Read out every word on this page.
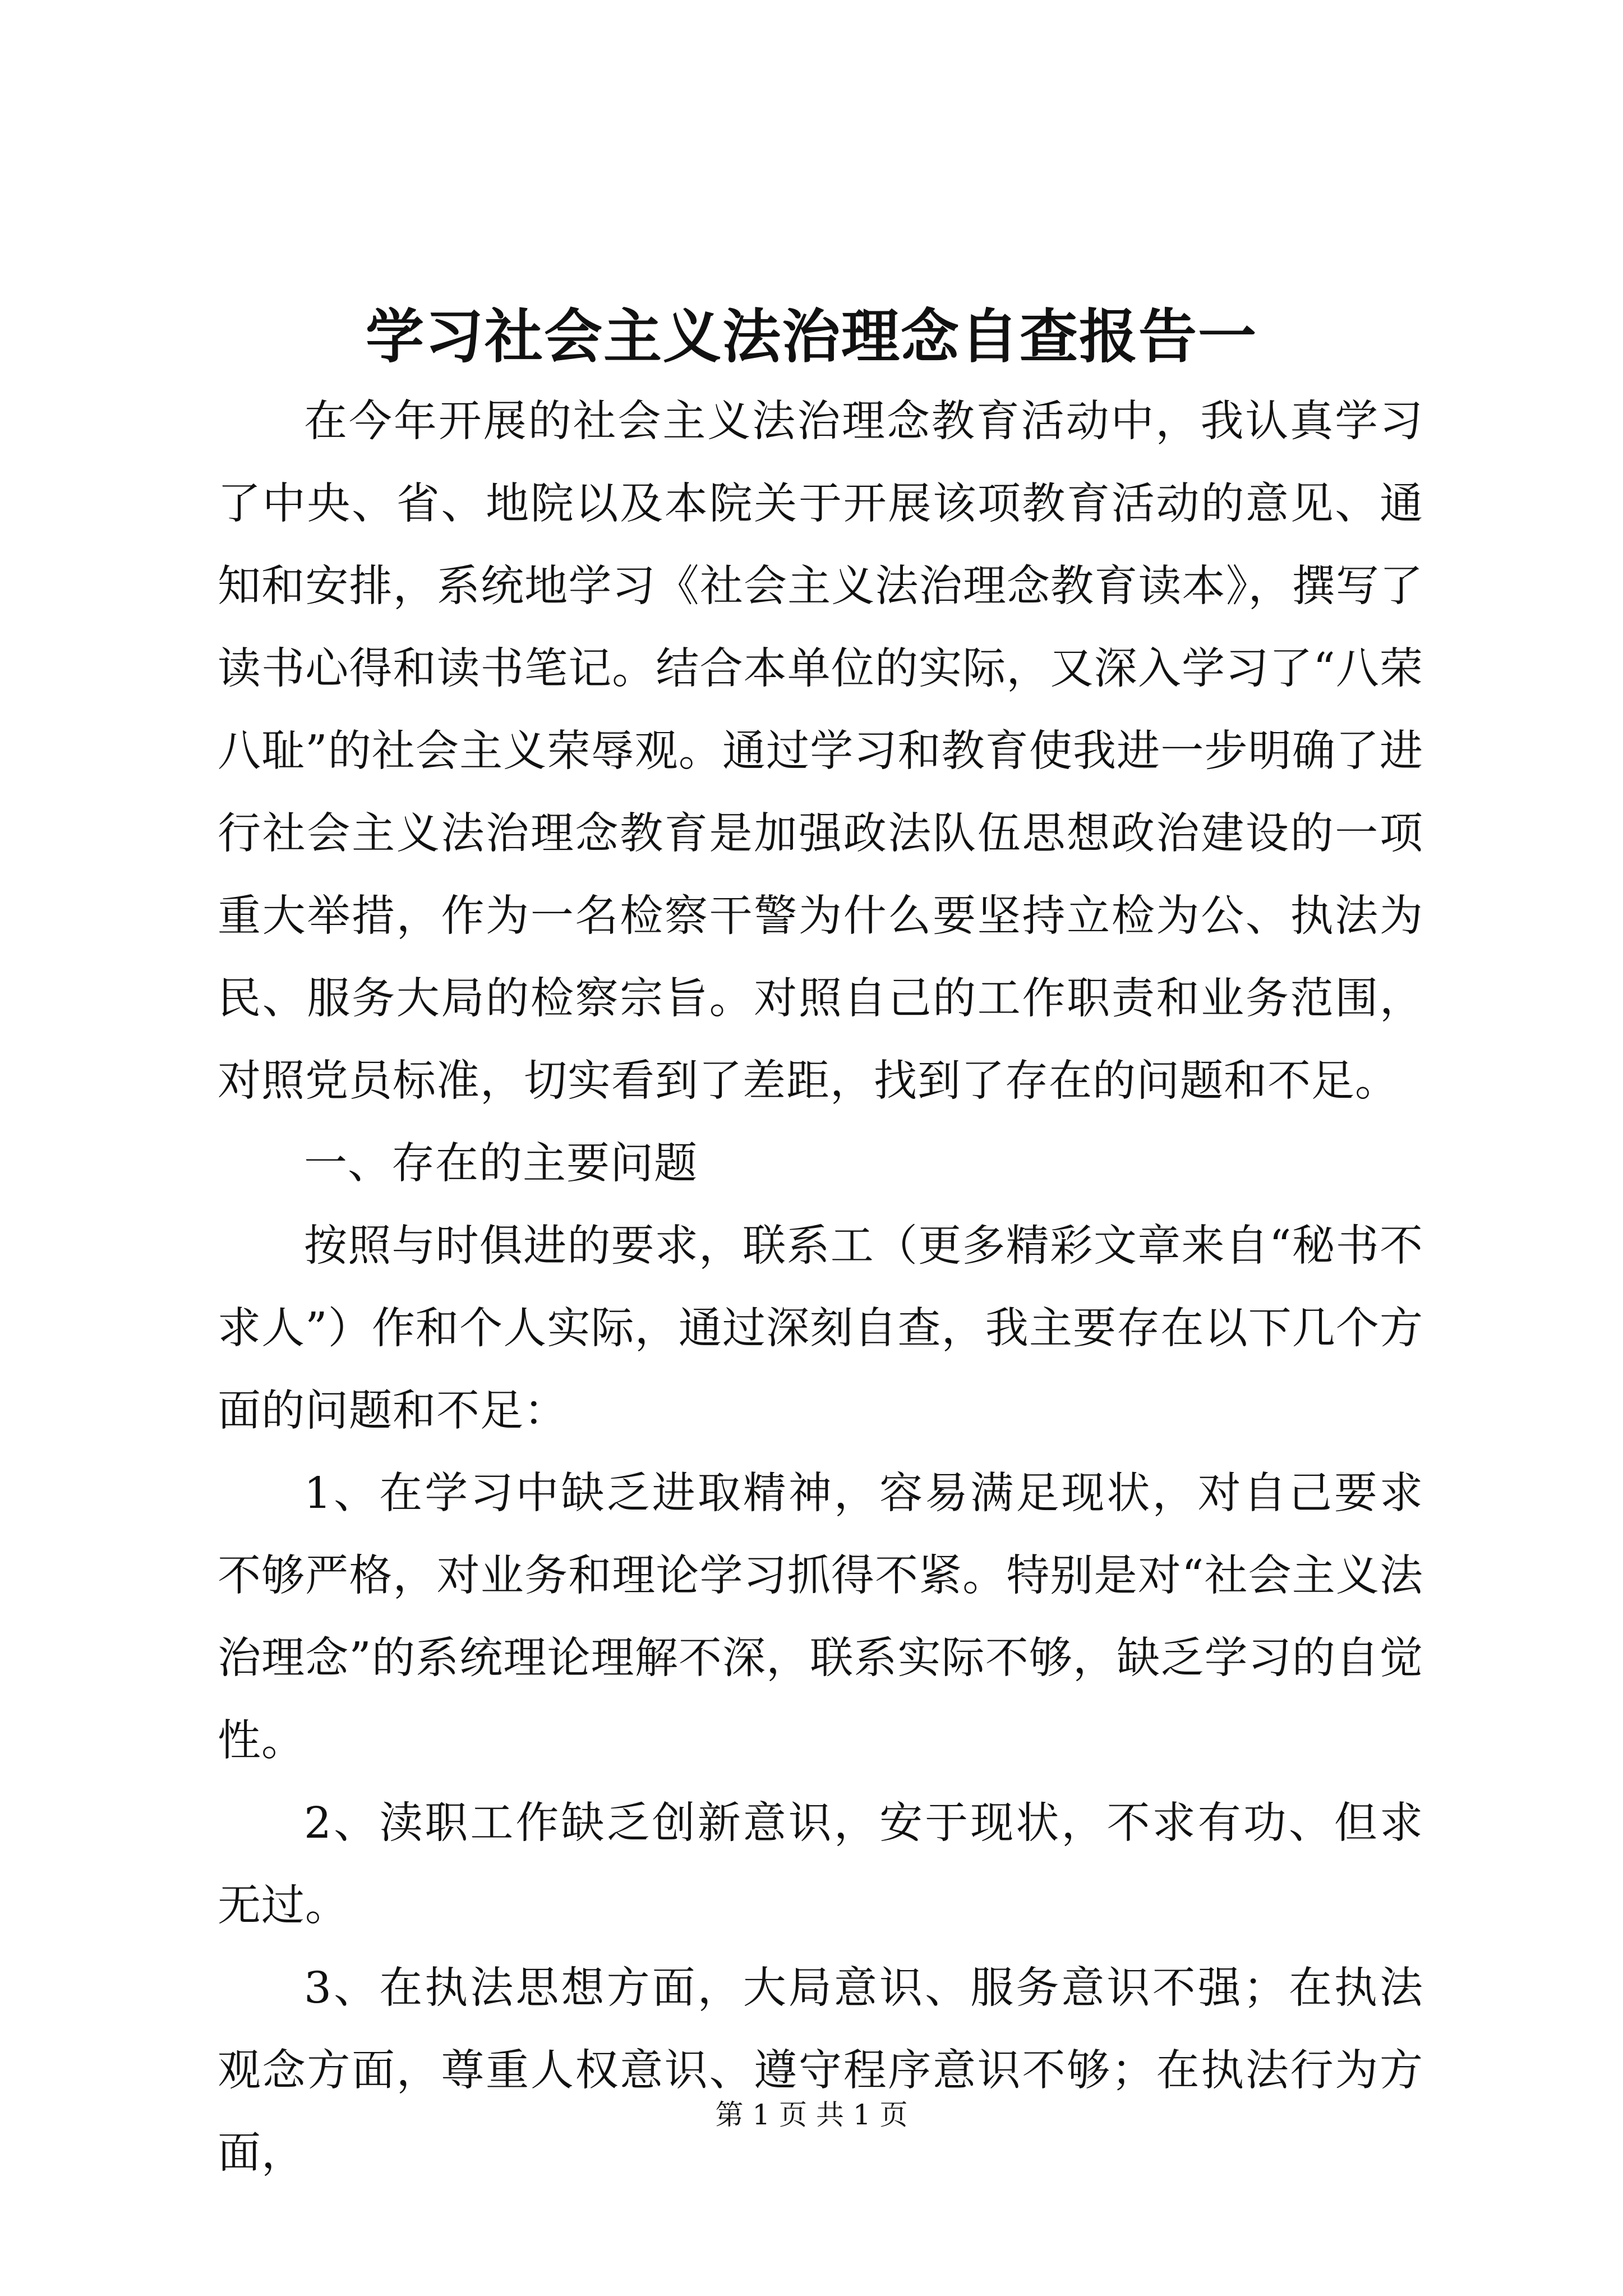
学习社会主义法治理念自查报告一

在今年开展的社会主义法治理念教育活动中，我认真学习了中央、省、地院以及本院关于开展该项教育活动的意见、通知和安排，系统地学习《社会主义法治理念教育读本》，撰写了读书心得和读书笔记。结合本单位的实际，又深入学习了“八荣八耻”的社会主义荣辱观。通过学习和教育使我进一步明确了进行社会主义法治理念教育是加强政法队伍思想政治建设的一项重大举措，作为一名检察干警为什么要坚持立检为公、执法为民、服务大局的检察宗旨。对照自己的工作职责和业务范围，对照党员标准，切实看到了差距，找到了存在的问题和不足。

一、存在的主要问题

按照与时俱进的要求，联系工（更多精彩文章来自“秘书不求人”）作和个人实际，通过深刻自查，我主要存在以下几个方面的问题和不足：

1、在学习中缺乏进取精神，容易满足现状，对自己要求不够严格，对业务和理论学习抓得不紧。特别是对“社会主义法治理念”的系统理论理解不深，联系实际不够，缺乏学习的自觉性。

2、渎职工作缺乏创新意识，安于现状，不求有功、但求无过。

3、在执法思想方面，大局意识、服务意识不强；在执法观念方面，尊重人权意识、遵守程序意识不够；在执法行为方面，

第 1 页 共 1 页
